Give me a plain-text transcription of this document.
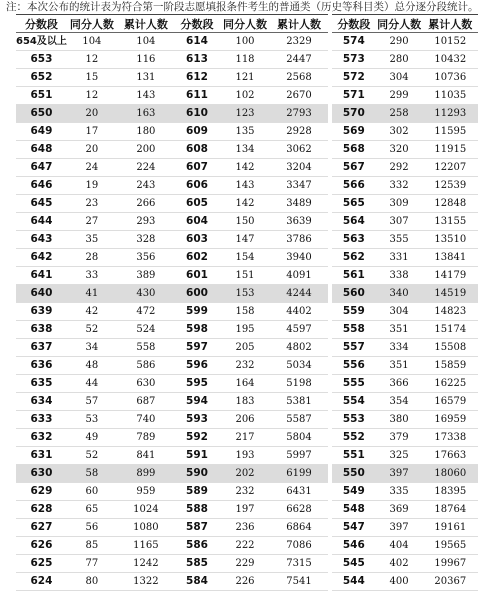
注：本次公布的统计表为符合第一阶段志愿填报条件考生的普通类（历史等科目类）总分逐分段统计。
分数段	同分人数	累计人数
654及以上	104	104
653	12	116
652	15	131
651	12	143
650	20	163
649	17	180
648	20	200
647	24	224
646	19	243
645	23	266
644	27	293
643	35	328
642	28	356
641	33	389
640	41	430
639	42	472
638	52	524
637	34	558
636	48	586
635	44	630
634	57	687
633	53	740
632	49	789
631	52	841
630	58	899
629	60	959
628	65	1024
627	56	1080
626	85	1165
625	77	1242
624	80	1322
分数段	同分人数	累计人数
614	100	2329
613	118	2447
612	121	2568
611	102	2670
610	123	2793
609	135	2928
608	134	3062
607	142	3204
606	143	3347
605	142	3489
604	150	3639
603	147	3786
602	154	3940
601	151	4091
600	153	4244
599	158	4402
598	195	4597
597	205	4802
596	232	5034
595	164	5198
594	183	5381
593	206	5587
592	217	5804
591	193	5997
590	202	6199
589	232	6431
588	197	6628
587	236	6864
586	222	7086
585	229	7315
584	226	7541
分数段	同分人数	累计人数
574	290	10152
573	280	10432
572	304	10736
571	299	11035
570	258	11293
569	302	11595
568	320	11915
567	292	12207
566	332	12539
565	309	12848
564	307	13155
563	355	13510
562	331	13841
561	338	14179
560	340	14519
559	304	14823
558	351	15174
557	334	15508
556	351	15859
555	366	16225
554	354	16579
553	380	16959
552	379	17338
551	325	17663
550	397	18060
549	335	18395
548	369	18764
547	397	19161
546	404	19565
545	402	19967
544	400	20367
